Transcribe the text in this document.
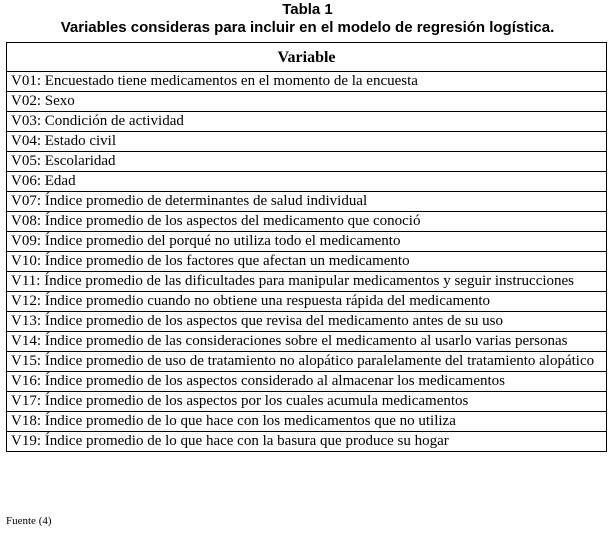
Tabla 1
Variables consideras para incluir en el modelo de regresión logística.
Variable
V01: Encuestado tiene medicamentos en el momento de la encuesta
V02: Sexo
V03: Condición de actividad
V04: Estado civil
V05: Escolaridad
V06: Edad
V07: Índice promedio de determinantes de salud individual
V08: Índice promedio de los aspectos del medicamento que conoció
V09: Índice promedio del porqué no utiliza todo el medicamento
V10: Índice promedio de los factores que afectan un medicamento
V11: Índice promedio de las dificultades para manipular medicamentos y seguir instrucciones
V12: Índice promedio cuando no obtiene una respuesta rápida del medicamento
V13: Índice promedio de los aspectos que revisa del medicamento antes de su uso
V14: Índice promedio de las consideraciones sobre el medicamento al usarlo varias personas
V15: Índice promedio de uso de tratamiento no alopático paralelamente del tratamiento alopático
V16: Índice promedio de los aspectos considerado al almacenar los medicamentos
V17: Índice promedio de los aspectos por los cuales acumula medicamentos
V18: Índice promedio de lo que hace con los medicamentos que no utiliza
V19: Índice promedio de lo que hace con la basura que produce su hogar
Fuente (4)
